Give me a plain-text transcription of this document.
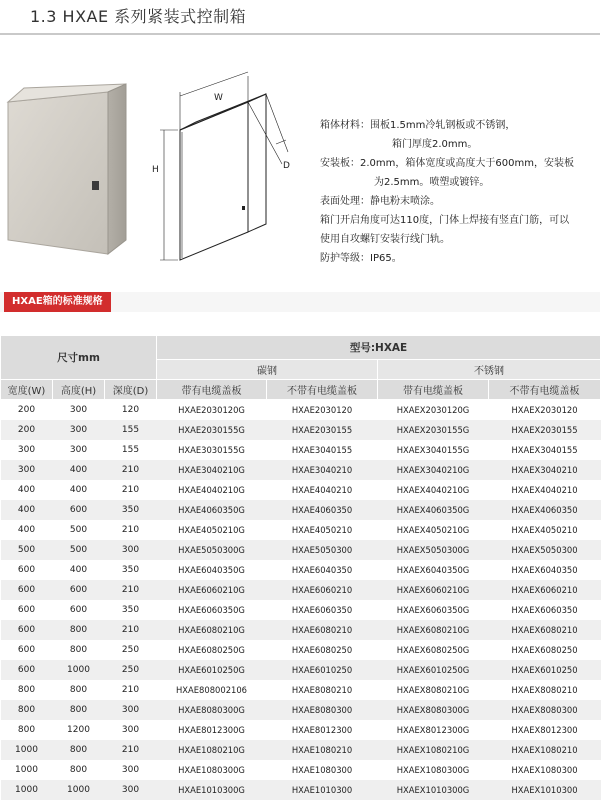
1.3 HXAE 系列紧装式控制箱
W
H	D
箱体材料：围板1.5mm冷轧钢板或不锈钢，
箱门厚度2.0mm。
安装板：2.0mm，箱体宽度或高度大于600mm，安装板
为2.5mm。喷塑或镀锌。
表面处理：静电粉末喷涂。
箱门开启角度可达110度，门体上焊接有竖直门筋，可以
使用自攻螺钉安装行线门轨。
防护等级：IP65。
HXAE箱的标准规格
尺寸mm			型号:HXAE			
			碳钢		不锈钢	
宽度(W)	高度(H)	深度(D)	带有电缆盖板	不带有电缆盖板	带有电缆盖板	不带有电缆盖板
200	300	120	HXAE2030120G	HXAE2030120	HXAEX2030120G	HXAEX2030120
200	300	155	HXAE2030155G	HXAE2030155	HXAEX2030155G	HXAEX2030155
300	300	155	HXAE3030155G	HXAE3040155	HXAEX3040155G	HXAEX3040155
300	400	210	HXAE3040210G	HXAE3040210	HXAEX3040210G	HXAEX3040210
400	400	210	HXAE4040210G	HXAE4040210	HXAEX4040210G	HXAEX4040210
400	600	350	HXAE4060350G	HXAE4060350	HXAEX4060350G	HXAEX4060350
400	500	210	HXAE4050210G	HXAE4050210	HXAEX4050210G	HXAEX4050210
500	500	300	HXAE5050300G	HXAE5050300	HXAEX5050300G	HXAEX5050300
600	400	350	HXAE6040350G	HXAE6040350	HXAEX6040350G	HXAEX6040350
600	600	210	HXAE6060210G	HXAE6060210	HXAEX6060210G	HXAEX6060210
600	600	350	HXAE6060350G	HXAE6060350	HXAEX6060350G	HXAEX6060350
600	800	210	HXAE6080210G	HXAE6080210	HXAEX6080210G	HXAEX6080210
600	800	250	HXAE6080250G	HXAE6080250	HXAEX6080250G	HXAEX6080250
600	1000	250	HXAE6010250G	HXAE6010250	HXAEX6010250G	HXAEX6010250
800	800	210	HXAE808002106	HXAE8080210	HXAEX8080210G	HXAEX8080210
800	800	300	HXAE8080300G	HXAE8080300	HXAEX8080300G	HXAEX8080300
800	1200	300	HXAE8012300G	HXAE8012300	HXAEX8012300G	HXAEX8012300
1000	800	210	HXAE1080210G	HXAE1080210	HXAEX1080210G	HXAEX1080210
1000	800	300	HXAE1080300G	HXAE1080300	HXAEX1080300G	HXAEX1080300
1000	1000	300	HXAE1010300G	HXAE1010300	HXAEX1010300G	HXAEX1010300
